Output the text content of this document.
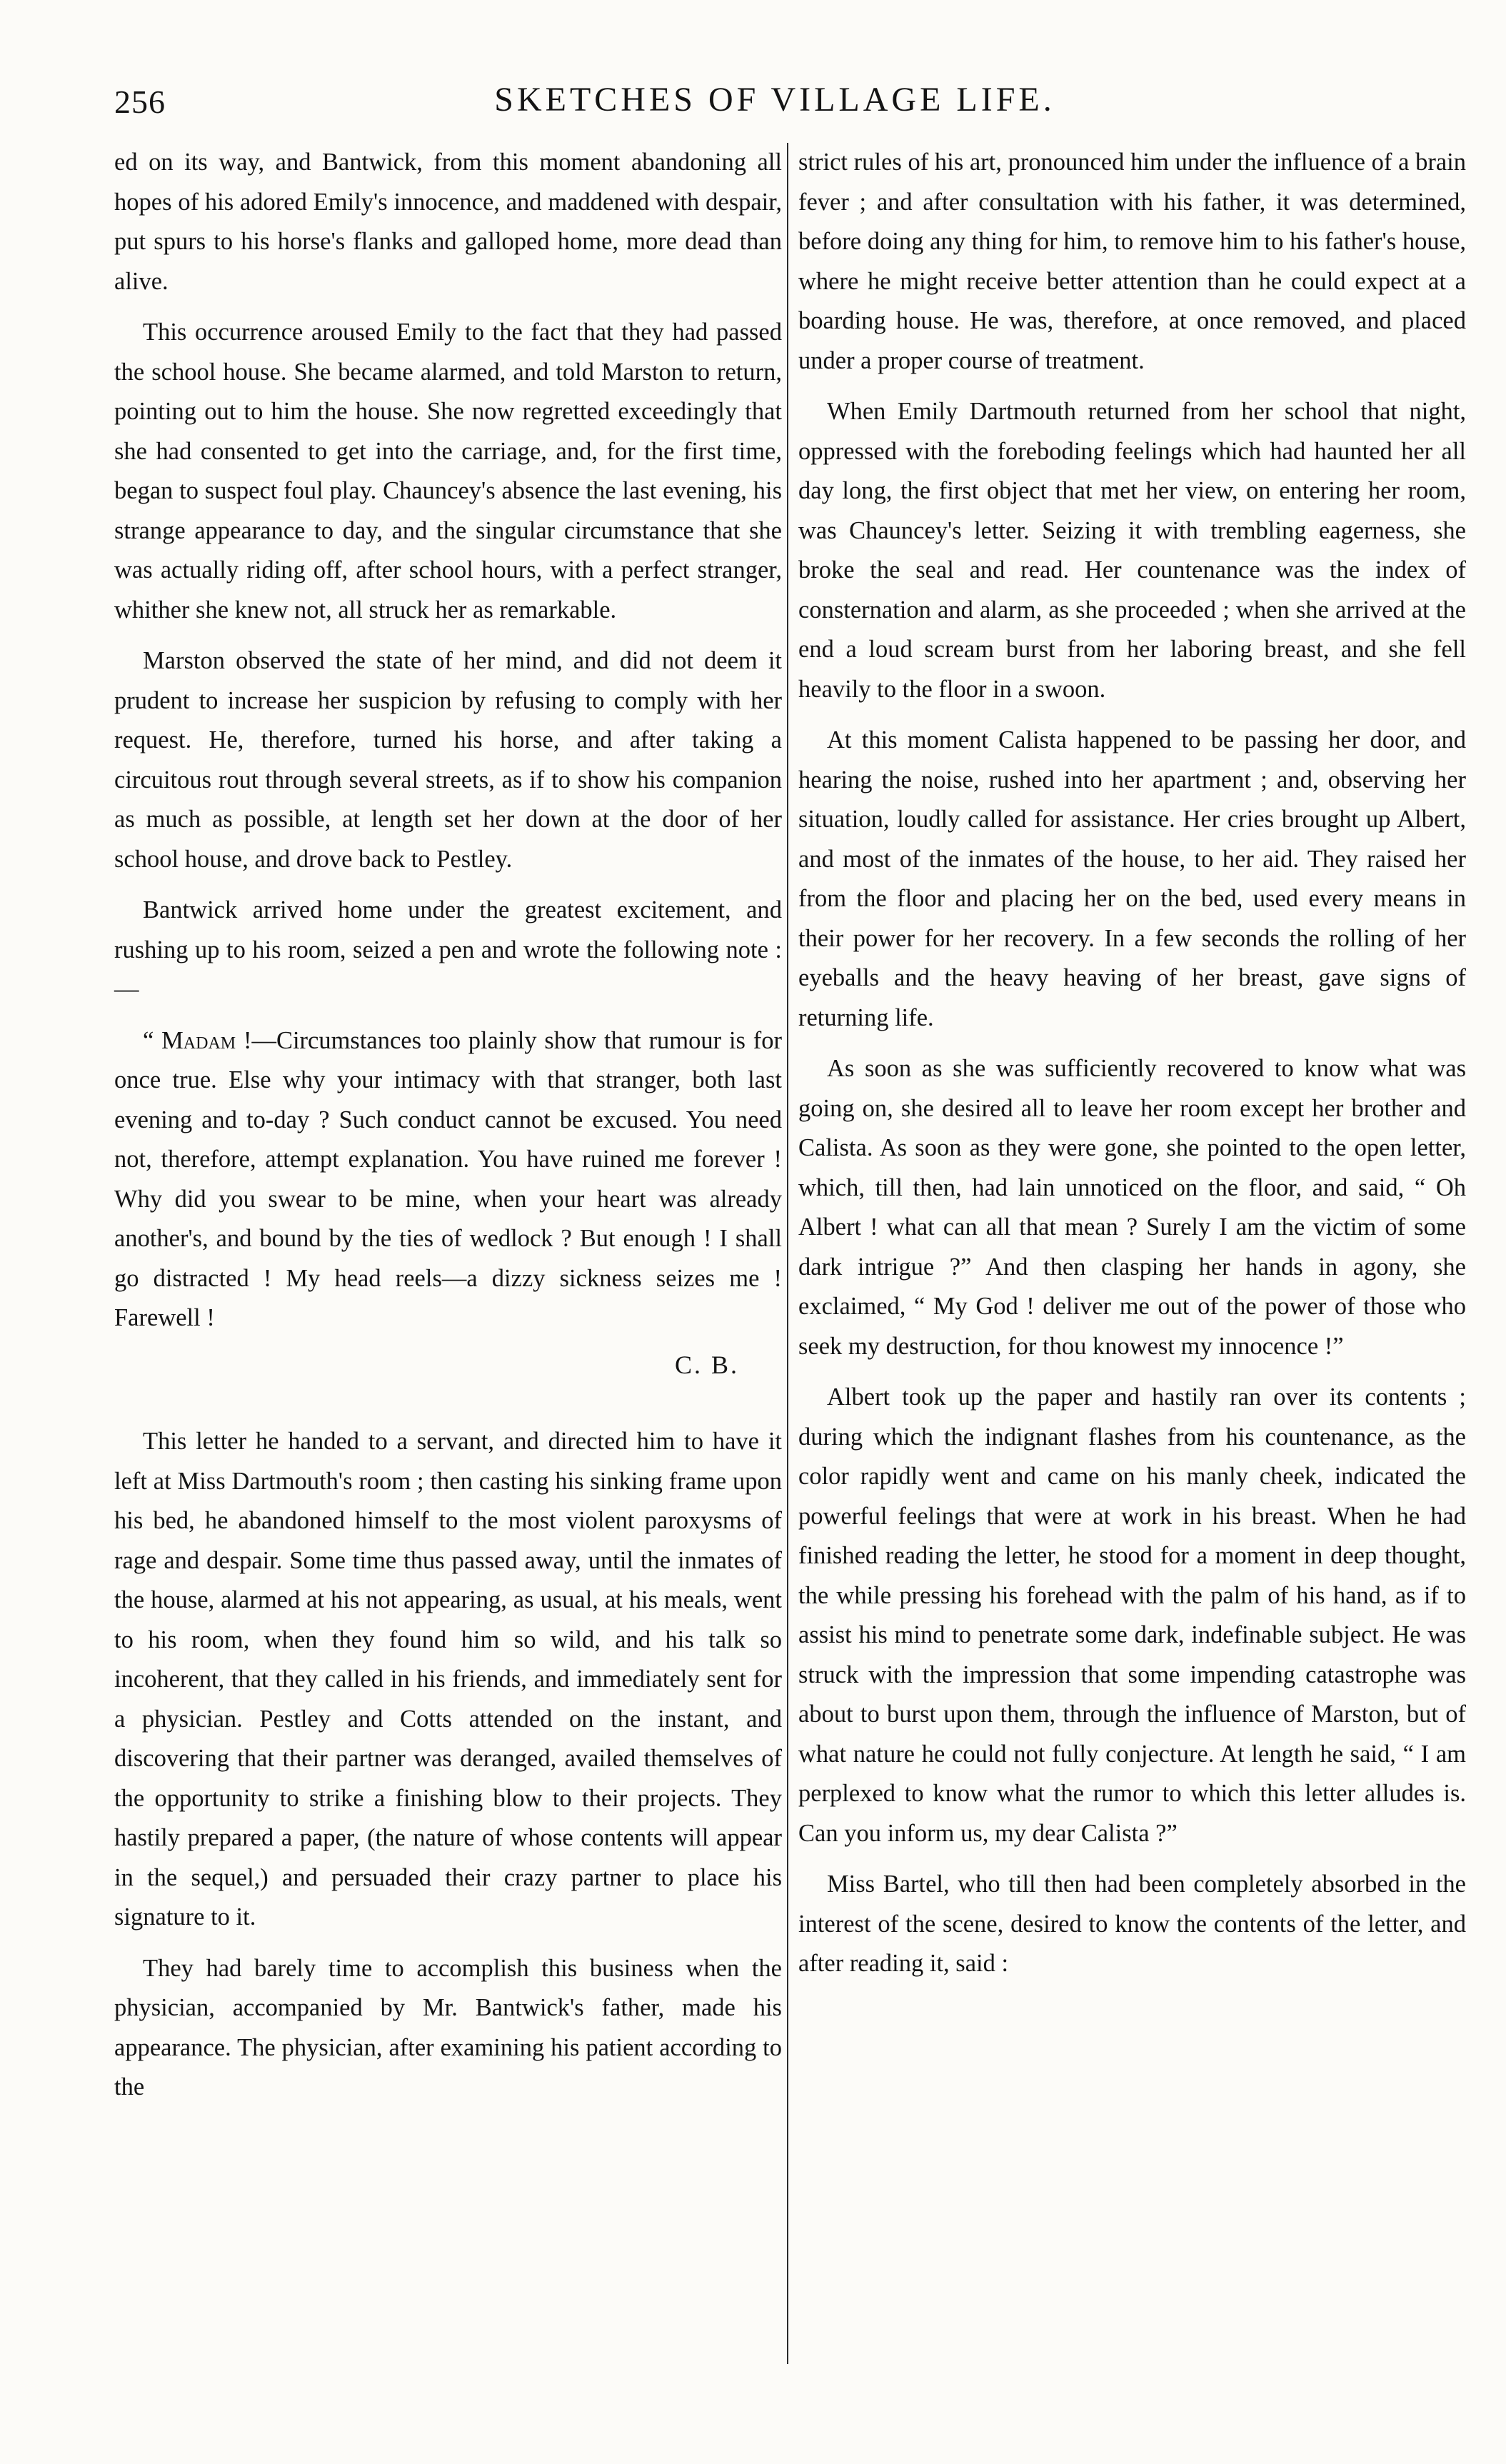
256	SKETCHES OF VILLAGE LIFE.

ed on its way, and Bantwick, from this moment abandoning all hopes of his adored Emily's innocence, and maddened with despair, put spurs to his horse's flanks and galloped home, more dead than alive.

This occurrence aroused Emily to the fact that they had passed the school house. She became alarmed, and told Marston to return, pointing out to him the house. She now regretted exceedingly that she had consented to get into the carriage, and, for the first time, began to suspect foul play. Chauncey's absence the last evening, his strange appearance to day, and the singular circumstance that she was actually riding off, after school hours, with a perfect stranger, whither she knew not, all struck her as remarkable.

Marston observed the state of her mind, and did not deem it prudent to increase her suspicion by refusing to comply with her request. He, therefore, turned his horse, and after taking a circuitous rout through several streets, as if to show his companion as much as possible, at length set her down at the door of her school house, and drove back to Pestley.

Bantwick arrived home under the greatest excitement, and rushing up to his room, seized a pen and wrote the following note :—

“ Madam !—Circumstances too plainly show that rumour is for once true. Else why your intimacy with that stranger, both last evening and to-day ? Such conduct cannot be excused. You need not, therefore, attempt explanation. You have ruined me forever ! Why did you swear to be mine, when your heart was already another's, and bound by the ties of wedlock ? But enough ! I shall go distracted ! My head reels—a dizzy sickness seizes me ! Farewell !

C. B.

This letter he handed to a servant, and directed him to have it left at Miss Dartmouth's room ; then casting his sinking frame upon his bed, he abandoned himself to the most violent paroxysms of rage and despair. Some time thus passed away, until the inmates of the house, alarmed at his not appearing, as usual, at his meals, went to his room, when they found him so wild, and his talk so incoherent, that they called in his friends, and immediately sent for a physician. Pestley and Cotts attended on the instant, and discovering that their partner was deranged, availed themselves of the opportunity to strike a finishing blow to their projects. They hastily prepared a paper, (the nature of whose contents will appear in the sequel,) and persuaded their crazy partner to place his signature to it.

They had barely time to accomplish this business when the physician, accompanied by Mr. Bantwick's father, made his appearance. The physician, after examining his patient according to the

strict rules of his art, pronounced him under the influence of a brain fever ; and after consultation with his father, it was determined, before doing any thing for him, to remove him to his father's house, where he might receive better attention than he could expect at a boarding house. He was, therefore, at once removed, and placed under a proper course of treatment.

When Emily Dartmouth returned from her school that night, oppressed with the foreboding feelings which had haunted her all day long, the first object that met her view, on entering her room, was Chauncey's letter. Seizing it with trembling eagerness, she broke the seal and read. Her countenance was the index of consternation and alarm, as she proceeded ; when she arrived at the end a loud scream burst from her laboring breast, and she fell heavily to the floor in a swoon.

At this moment Calista happened to be passing her door, and hearing the noise, rushed into her apartment ; and, observing her situation, loudly called for assistance. Her cries brought up Albert, and most of the inmates of the house, to her aid. They raised her from the floor and placing her on the bed, used every means in their power for her recovery. In a few seconds the rolling of her eyeballs and the heavy heaving of her breast, gave signs of returning life.

As soon as she was sufficiently recovered to know what was going on, she desired all to leave her room except her brother and Calista. As soon as they were gone, she pointed to the open letter, which, till then, had lain unnoticed on the floor, and said, “ Oh Albert ! what can all that mean ? Surely I am the victim of some dark intrigue ?” And then clasping her hands in agony, she exclaimed, “ My God ! deliver me out of the power of those who seek my destruction, for thou knowest my innocence !”

Albert took up the paper and hastily ran over its contents ; during which the indignant flashes from his countenance, as the color rapidly went and came on his manly cheek, indicated the powerful feelings that were at work in his breast. When he had finished reading the letter, he stood for a moment in deep thought, the while pressing his forehead with the palm of his hand, as if to assist his mind to penetrate some dark, indefinable subject. He was struck with the impression that some impending catastrophe was about to burst upon them, through the influence of Marston, but of what nature he could not fully conjecture. At length he said, “ I am perplexed to know what the rumor to which this letter alludes is. Can you inform us, my dear Calista ?”

Miss Bartel, who till then had been completely absorbed in the interest of the scene, desired to know the contents of the letter, and after reading it, said :
